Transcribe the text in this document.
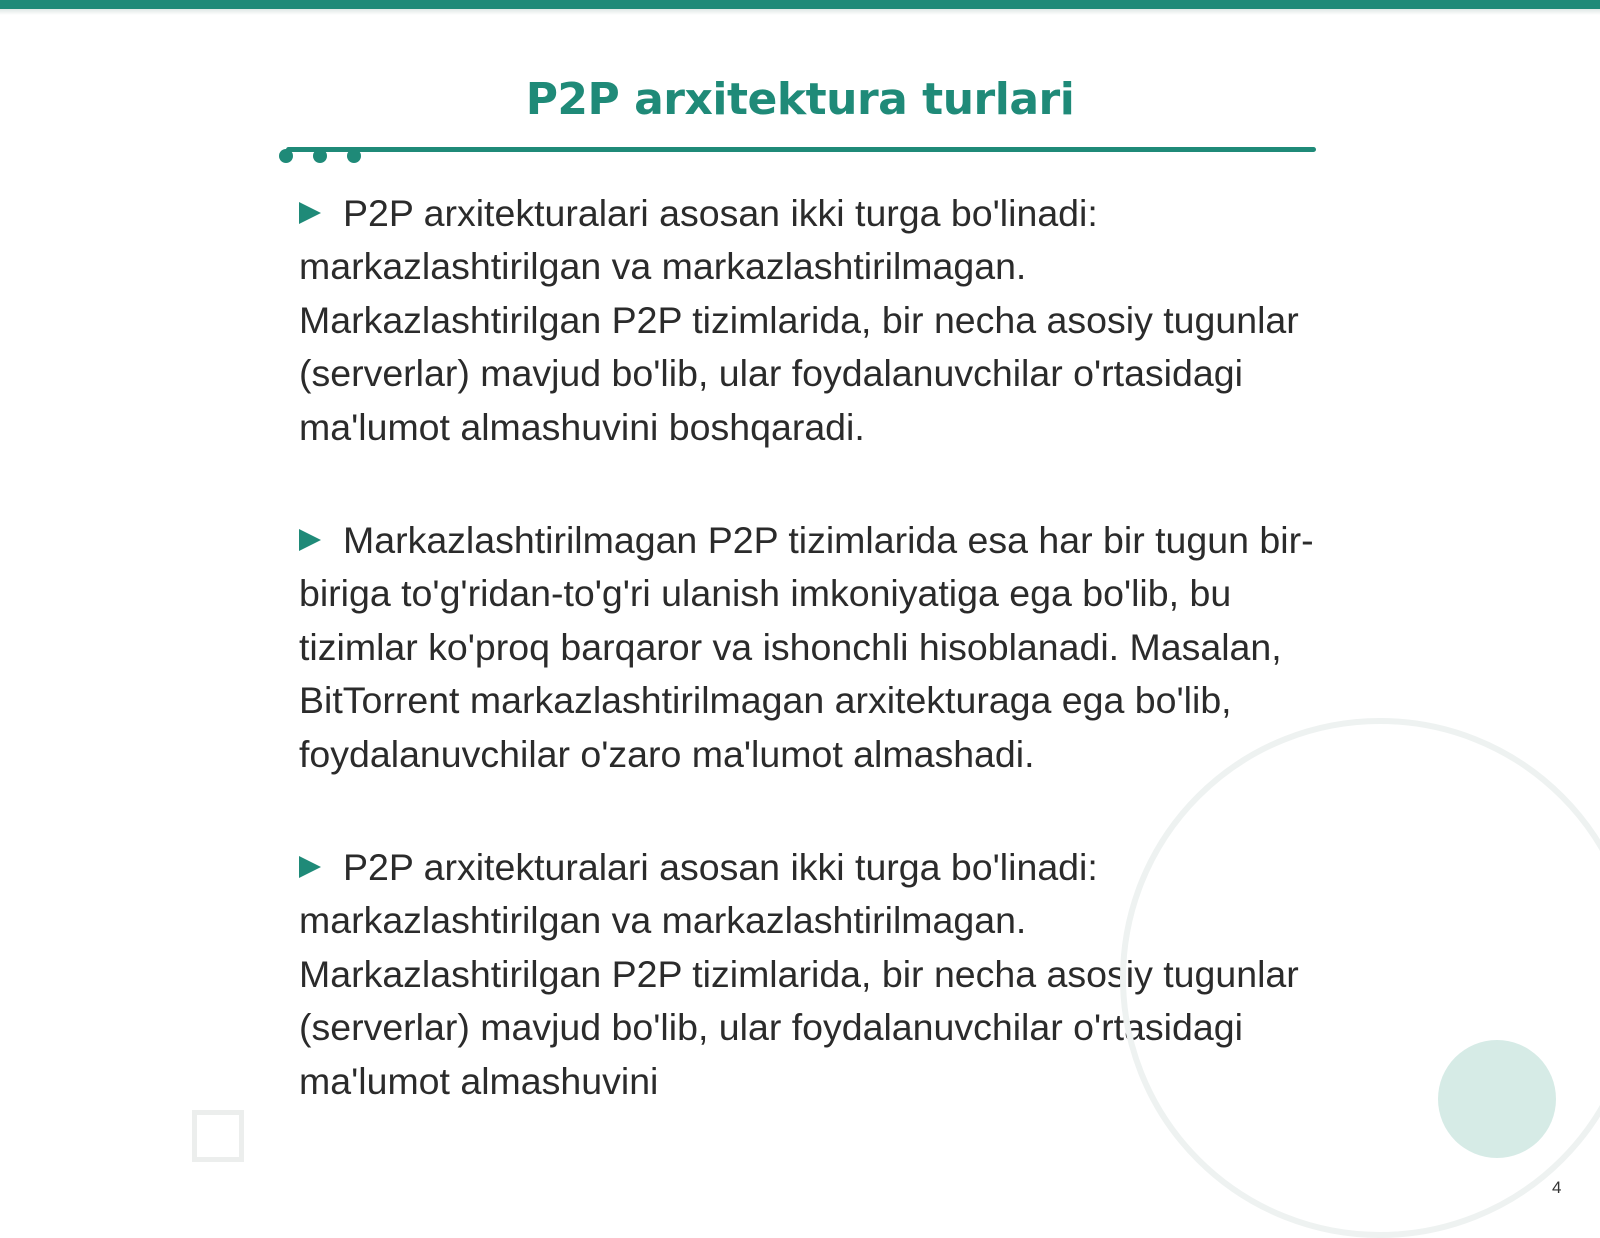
P2P arxitektura turlari

P2P arxitekturalari asosan ikki turga bo'linadi: markazlashtirilgan va markazlashtirilmagan. Markazlashtirilgan P2P tizimlarida, bir necha asosiy tugunlar (serverlar) mavjud bo'lib, ular foydalanuvchilar o'rtasidagi ma'lumot almashuvini boshqaradi.

Markazlashtirilmagan P2P tizimlarida esa har bir tugun bir-biriga to'g'ridan-to'g'ri ulanish imkoniyatiga ega bo'lib, bu tizimlar ko'proq barqaror va ishonchli hisoblanadi. Masalan, BitTorrent markazlashtirilmagan arxitekturaga ega bo'lib, foydalanuvchilar o'zaro ma'lumot almashadi.

P2P arxitekturalari asosan ikki turga bo'linadi: markazlashtirilgan va markazlashtirilmagan. Markazlashtirilgan P2P tizimlarida, bir necha asosiy tugunlar (serverlar) mavjud bo'lib, ular foydalanuvchilar o'rtasidagi ma'lumot almashuvini

4
